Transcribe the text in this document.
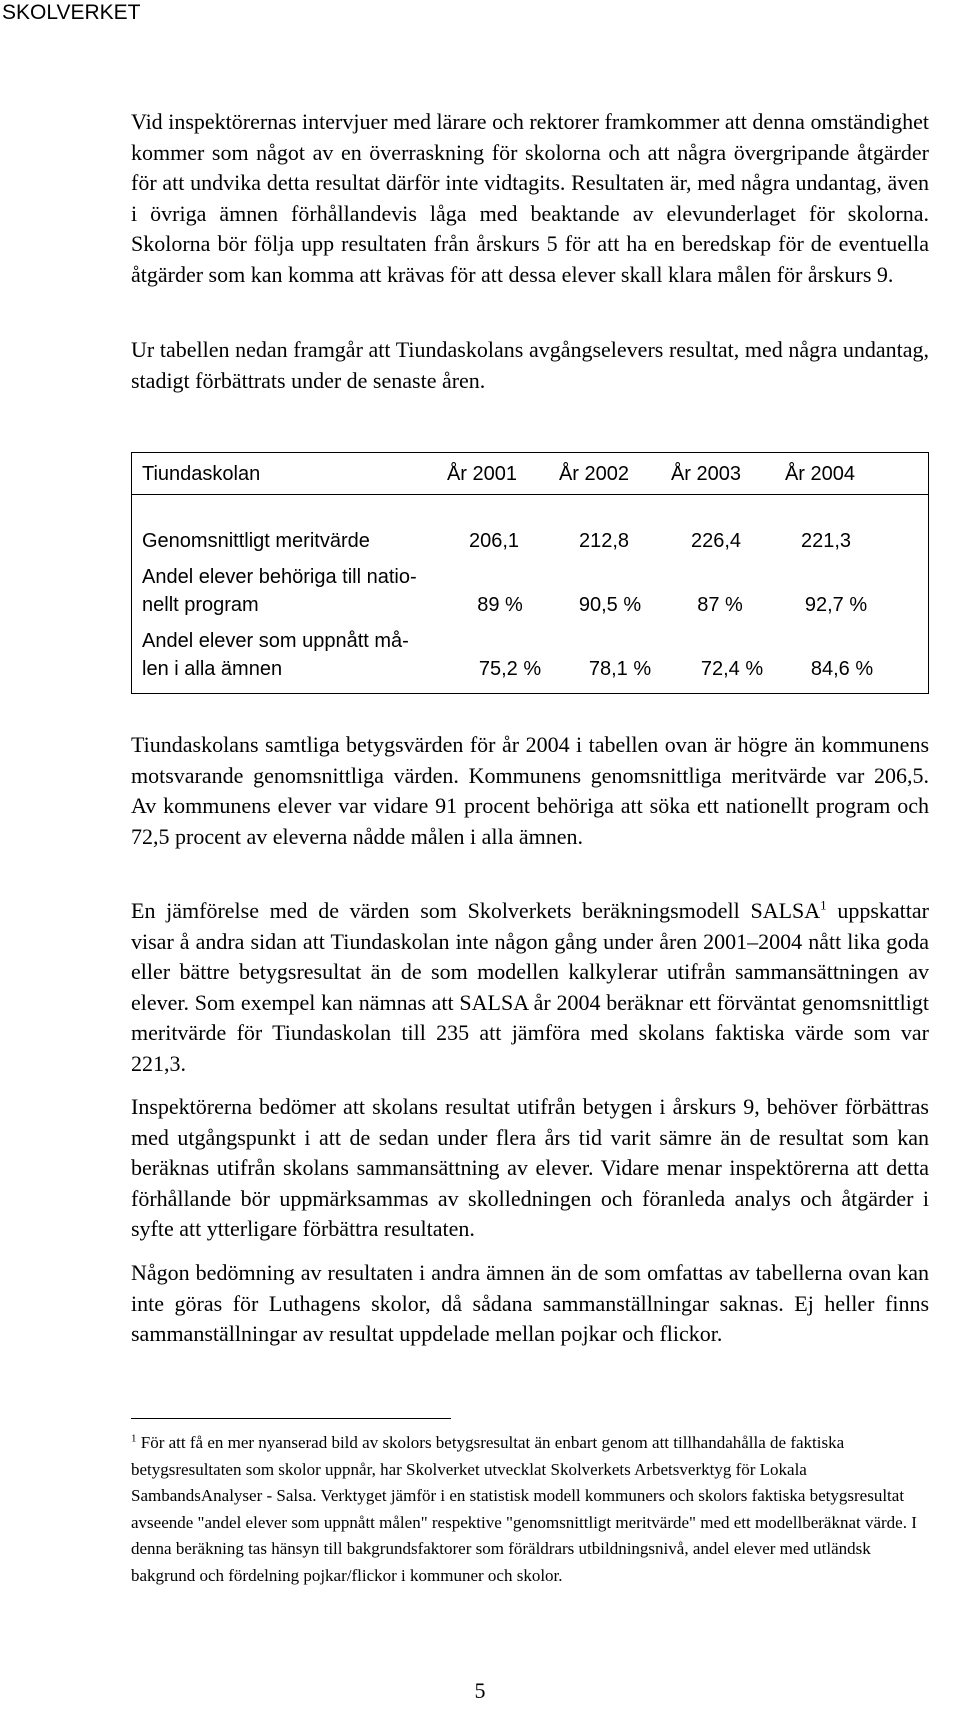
SKOLVERKET

Vid inspektörernas intervjuer med lärare och rektorer framkommer att denna omständighet kommer som något av en överraskning för skolorna och att några övergripande åtgärder för att undvika detta resultat därför inte vidtagits. Resultaten är, med några undantag, även i övriga ämnen förhållandevis låga med beaktande av elevunderlaget för skolorna. Skolorna bör följa upp resultaten från årskurs 5 för att ha en beredskap för de eventuella åtgärder som kan komma att krävas för att dessa elever skall klara målen för årskurs 9.

Ur tabellen nedan framgår att Tiundaskolans avgångselevers resultat, med några undantag, stadigt förbättrats under de senaste åren.

Tiundaskolan	År 2001	År 2002	År 2003	År 2004
Genomsnittligt meritvärde	206,1	212,8	226,4	221,3
Andel elever behöriga till natio-
nellt program	89 %	90,5 %	87 %	92,7 %
Andel elever som uppnått må-
len i alla ämnen	75,2 %	78,1 %	72,4 %	84,6 %

Tiundaskolans samtliga betygsvärden för år 2004 i tabellen ovan är högre än kommunens motsvarande genomsnittliga värden. Kommunens genomsnittliga meritvärde var 206,5. Av kommunens elever var vidare 91 procent behöriga att söka ett nationellt program och 72,5 procent av eleverna nådde målen i alla ämnen.

En jämförelse med de värden som Skolverkets beräkningsmodell SALSA$^1$ uppskattar visar å andra sidan att Tiundaskolan inte någon gång under åren 2001–2004 nått lika goda eller bättre betygsresultat än de som modellen kalkylerar utifrån sammansättningen av elever. Som exempel kan nämnas att SALSA år 2004 beräknar ett förväntat genomsnittligt meritvärde för Tiundaskolan till 235 att jämföra med skolans faktiska värde som var 221,3.

Inspektörerna bedömer att skolans resultat utifrån betygen i årskurs 9, behöver förbättras med utgångspunkt i att de sedan under flera års tid varit sämre än de resultat som kan beräknas utifrån skolans sammansättning av elever. Vidare menar inspektörerna att detta förhållande bör uppmärksammas av skolledningen och föranleda analys och åtgärder i syfte att ytterligare förbättra resultaten.

Någon bedömning av resultaten i andra ämnen än de som omfattas av tabellerna ovan kan inte göras för Luthagens skolor, då sådana sammanställningar saknas. Ej heller finns sammanställningar av resultat uppdelade mellan pojkar och flickor.

$^1$ För att få en mer nyanserad bild av skolors betygsresultat än enbart genom att tillhandahålla de faktiska betygsresultaten som skolor uppnår, har Skolverket utvecklat Skolverkets Arbetsverktyg för Lokala SambandsAnalyser - Salsa. Verktyget jämför i en statistisk modell kommuners och skolors faktiska betygsresultat avseende "andel elever som uppnått målen" respektive "genomsnittligt meritvärde" med ett modellberäknat värde. I denna beräkning tas hänsyn till bakgrundsfaktorer som föräldrars utbildningsnivå, andel elever med utländsk bakgrund och fördelning pojkar/flickor i kommuner och skolor.

5
